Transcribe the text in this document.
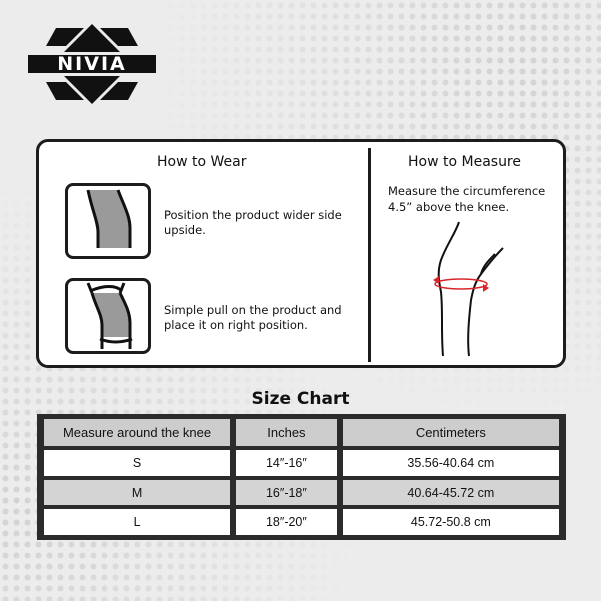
NIVIA
How to Wear	How to Measure
Position the product wider side upside.
Simple pull on the product and place it on right position.
Measure the circumference 4.5” above the knee.
Size Chart
Measure around the knee	Inches	Centimeters
S	14″-16″	35.56-40.64 cm
M	16″-18″	40.64-45.72 cm
L	18″-20″	45.72-50.8 cm
